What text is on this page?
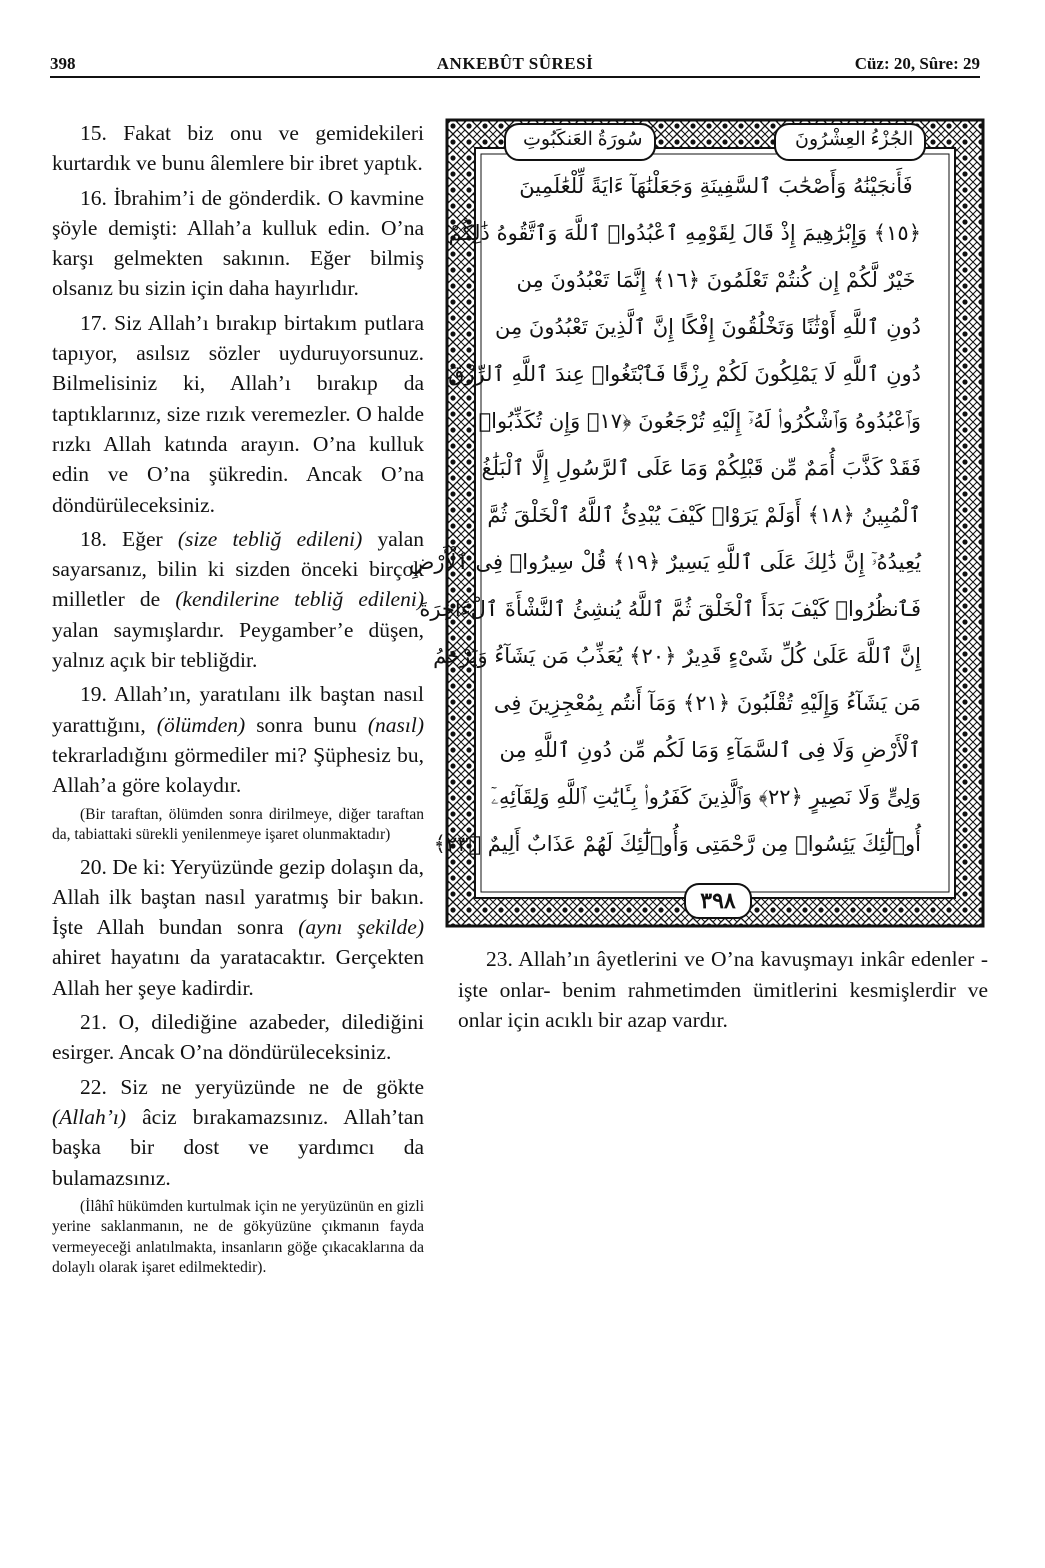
398	ANKEBÛT SÛRESİ	Cüz: 20, Sûre: 29

15. Fakat biz onu ve gemidekileri kurtardık ve bunu âlemlere bir ibret yaptık.

16. İbrahim’i de gönderdik. O kavmine şöyle demişti: Allah’a kulluk edin. O’na karşı gelmekten sakının. Eğer bilmiş olsanız bu sizin için daha hayırlıdır.

17. Siz Allah’ı bırakıp birtakım putlara tapıyor, asılsız sözler uyduruyorsunuz. Bilmelisiniz ki, Allah’ı bırakıp da taptıklarınız, size rızık veremezler. O halde rızkı Allah katında arayın. O’na kulluk edin ve O’na şükredin. Ancak O’na döndürüleceksiniz.

18. Eğer (size tebliğ edileni) yalan sayarsanız, bilin ki sizden önceki birçok milletler de (kendilerine tebliğ edileni) yalan saymışlardır. Peygamber’e düşen, yalnız açık bir tebliğdir.

19. Allah’ın, yaratılanı ilk baştan nasıl yarattığını, (ölümden) sonra bunu (nasıl) tekrarladığını görmediler mi? Şüphesiz bu, Allah’a göre kolaydır.

(Bir taraftan, ölümden sonra dirilmeye, diğer taraftan da, tabiattaki sürekli yenilenmeye işaret olunmaktadır)

20. De ki: Yeryüzünde gezip dolaşın da, Allah ilk baştan nasıl yaratmış bir bakın. İşte Allah bundan sonra (aynı şekilde) ahiret hayatını da yaratacaktır. Gerçekten Allah her şeye kadirdir.

21. O, dilediğine azabeder, dilediğini esirger. Ancak O’na döndürüleceksiniz.

22. Siz ne yeryüzünde ne de gökte (Allah’ı) âciz bırakamazsınız. Allah’tan başka bir dost ve yardımcı da bulamazsınız.

(İlâhî hükümden kurtulmak için ne yeryüzünün en gizli yerine saklanmanın, ne de gökyüzüne çıkmanın fayda vermeyeceği anlatılmakta, insanların göğe çıkacaklarına da dolaylı olarak işaret edilmektedir).

سُورَةُ العَنكَبُوتِ	الجُزْءُ العِشْرُونَ
فَأَنجَيْنَٰهُ وَأَصْحَٰبَ ٱلسَّفِينَةِ وَجَعَلْنَٰهَآ ءَايَةً لِّلْعَٰلَمِينَ
﴿١٥﴾ وَإِبْرَٰهِيمَ إِذْ قَالَ لِقَوْمِهِ ٱعْبُدُوا۟ ٱللَّهَ وَٱتَّقُوهُ ذَٰلِكُمْ
خَيْرٌ لَّكُمْ إِن كُنتُمْ تَعْلَمُونَ ﴿١٦﴾ إِنَّمَا تَعْبُدُونَ مِن
دُونِ ٱللَّهِ أَوْثَٰنًا وَتَخْلُقُونَ إِفْكًا إِنَّ ٱلَّذِينَ تَعْبُدُونَ مِن
دُونِ ٱللَّهِ لَا يَمْلِكُونَ لَكُمْ رِزْقًا فَٱبْتَغُوا۟ عِندَ ٱللَّهِ ٱلرِّزْقَ
وَٱعْبُدُوهُ وَٱشْكُرُوا۟ لَهُۥٓ إِلَيْهِ تُرْجَعُونَ ﴿١٧﴾ وَإِن تُكَذِّبُوا۟
فَقَدْ كَذَّبَ أُمَمٌ مِّن قَبْلِكُمْ وَمَا عَلَى ٱلرَّسُولِ إِلَّا ٱلْبَلَٰغُ
ٱلْمُبِينُ ﴿١٨﴾ أَوَلَمْ يَرَوْا۟ كَيْفَ يُبْدِئُ ٱللَّهُ ٱلْخَلْقَ ثُمَّ
يُعِيدُهُۥٓ إِنَّ ذَٰلِكَ عَلَى ٱللَّهِ يَسِيرٌ ﴿١٩﴾ قُلْ سِيرُوا۟ فِى ٱلْأَرْضِ
فَٱنظُرُوا۟ كَيْفَ بَدَأَ ٱلْخَلْقَ ثُمَّ ٱللَّهُ يُنشِئُ ٱلنَّشْأَةَ ٱلْءَاخِرَةَ
إِنَّ ٱللَّهَ عَلَىٰ كُلِّ شَىْءٍ قَدِيرٌ ﴿٢٠﴾ يُعَذِّبُ مَن يَشَآءُ وَيَرْحَمُ
مَن يَشَآءُ وَإِلَيْهِ تُقْلَبُونَ ﴿٢١﴾ وَمَآ أَنتُم بِمُعْجِزِينَ فِى
ٱلْأَرْضِ وَلَا فِى ٱلسَّمَآءِ وَمَا لَكُم مِّن دُونِ ٱللَّهِ مِن
وَلِىٍّ وَلَا نَصِيرٍ ﴿٢٢﴾ وَٱلَّذِينَ كَفَرُوا۟ بِـَٔايَٰتِ ٱللَّهِ وَلِقَآئِهِۦٓ
أُو۟لَٰٓئِكَ يَئِسُوا۟ مِن رَّحْمَتِى وَأُو۟لَٰٓئِكَ لَهُمْ عَذَابٌ أَلِيمٌ ﴿٢٣﴾
٣٩٨

23. Allah’ın âyetlerini ve O’na kavuşmayı inkâr edenler -işte onlar- benim rahmetimden ümitlerini kesmişlerdir ve onlar için acıklı bir azap vardır.
